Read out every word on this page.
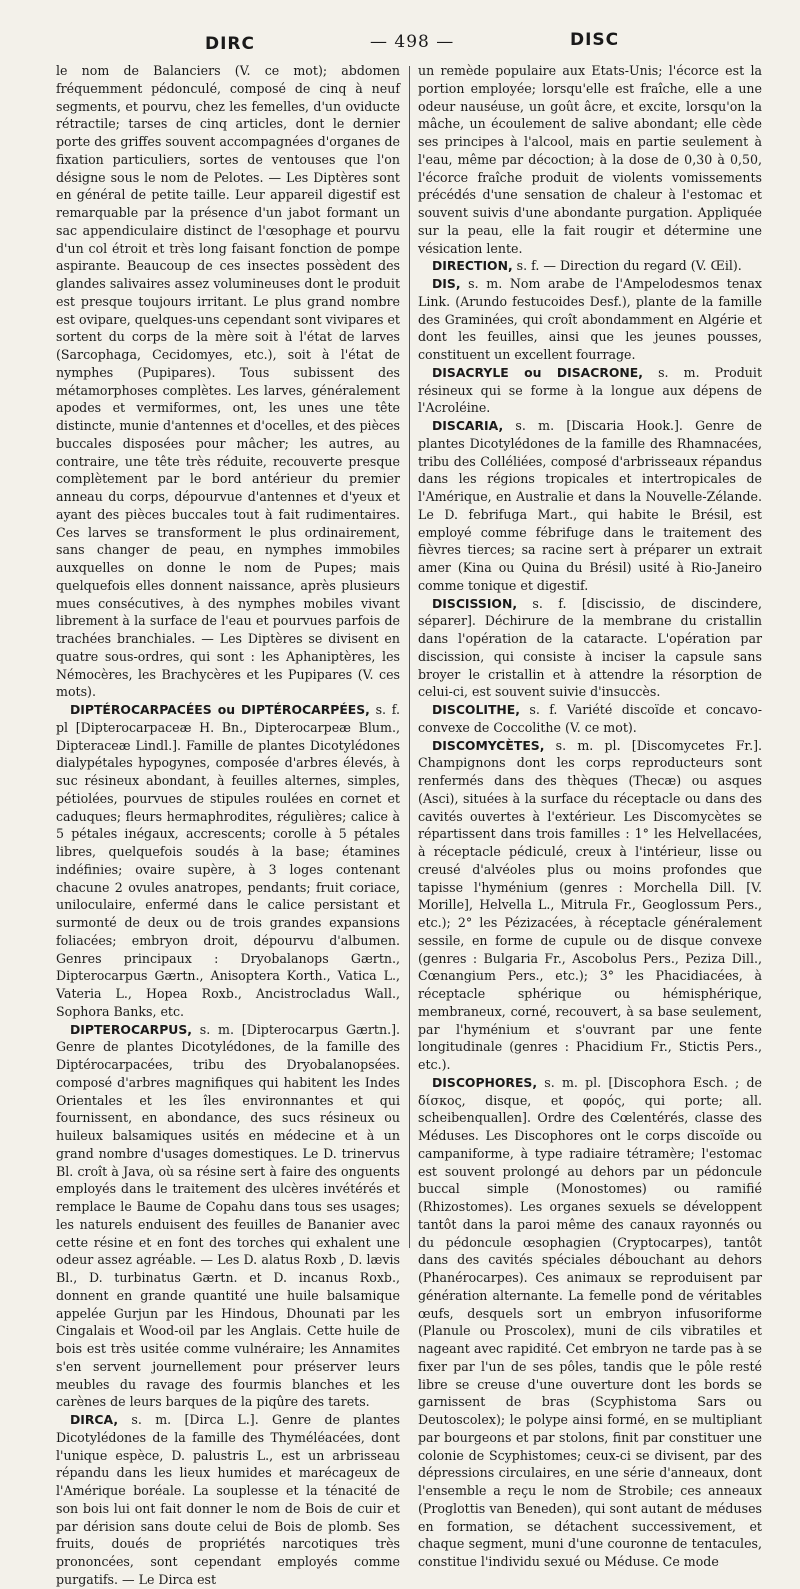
DIRC	— 498 —	DISC

le nom de Balanciers (V. ce mot); abdomen fréquemment pédonculé, composé de cinq à neuf segments, et pourvu, chez les femelles, d'un oviducte rétractile; tarses de cinq articles, dont le dernier porte des griffes souvent accompagnées d'organes de fixation particuliers, sortes de ventouses que l'on désigne sous le nom de Pelotes. — Les Diptères sont en général de petite taille. Leur appareil digestif est remarquable par la présence d'un jabot formant un sac appendiculaire distinct de l'œsophage et pourvu d'un col étroit et très long faisant fonction de pompe aspirante. Beaucoup de ces insectes possèdent des glandes salivaires assez volumineuses dont le produit est presque toujours irritant. Le plus grand nombre est ovipare, quelques-uns cependant sont vivipares et sortent du corps de la mère soit à l'état de larves (Sarcophaga, Cecidomyes, etc.), soit à l'état de nymphes (Pupipares). Tous subissent des métamorphoses complètes. Les larves, généralement apodes et vermiformes, ont, les unes une tête distincte, munie d'antennes et d'ocelles, et des pièces buccales disposées pour mâcher; les autres, au contraire, une tête très réduite, recouverte presque complètement par le bord antérieur du premier anneau du corps, dépourvue d'antennes et d'yeux et ayant des pièces buccales tout à fait rudimentaires. Ces larves se transforment le plus ordinairement, sans changer de peau, en nymphes immobiles auxquelles on donne le nom de Pupes; mais quelquefois elles donnent naissance, après plusieurs mues consécutives, à des nymphes mobiles vivant librement à la surface de l'eau et pourvues parfois de trachées branchiales. — Les Diptères se divisent en quatre sous-ordres, qui sont : les Aphaniptères, les Némocères, les Brachycères et les Pupipares (V. ces mots).

DIPTÉROCARPACÉES ou DIPTÉROCARPÉES, s. f. pl [Dipterocarpaceæ H. Bn., Dipterocarpeæ Blum., Dipteraceæ Lindl.]. Famille de plantes Dicotylédones dialypétales hypogynes, composée d'arbres élevés, à suc résineux abondant, à feuilles alternes, simples, pétiolées, pourvues de stipules roulées en cornet et caduques; fleurs hermaphrodites, régulières; calice à 5 pétales inégaux, accrescents; corolle à 5 pétales libres, quelquefois soudés à la base; étamines indéfinies; ovaire supère, à 3 loges contenant chacune 2 ovules anatropes, pendants; fruit coriace, uniloculaire, enfermé dans le calice persistant et surmonté de deux ou de trois grandes expansions foliacées; embryon droit, dépourvu d'albumen. Genres principaux : Dryobalanops Gærtn., Dipterocarpus Gærtn., Anisoptera Korth., Vatica L., Vateria L., Hopea Roxb., Ancistrocladus Wall., Sophora Banks, etc.

DIPTEROCARPUS, s. m. [Dipterocarpus Gærtn.]. Genre de plantes Dicotylédones, de la famille des Diptérocarpacées, tribu des Dryobalanopsées. composé d'arbres magnifiques qui habitent les Indes Orientales et les îles environnantes et qui fournissent, en abondance, des sucs résineux ou huileux balsamiques usités en médecine et à un grand nombre d'usages domestiques. Le D. trinervus Bl. croît à Java, où sa résine sert à faire des onguents employés dans le traitement des ulcères invétérés et remplace le Baume de Copahu dans tous ses usages; les naturels enduisent des feuilles de Bananier avec cette résine et en font des torches qui exhalent une odeur assez agréable. — Les D. alatus Roxb , D. lævis Bl., D. turbinatus Gærtn. et D. incanus Roxb., donnent en grande quantité une huile balsamique appelée Gurjun par les Hindous, Dhounati par les Cingalais et Wood-oil par les Anglais. Cette huile de bois est très usitée comme vulnéraire; les Annamites s'en servent journellement pour préserver leurs meubles du ravage des fourmis blanches et les carènes de leurs barques de la piqûre des tarets.

DIRCA, s. m. [Dirca L.]. Genre de plantes Dicotylédones de la famille des Thyméléacées, dont l'unique espèce, D. palustris L., est un arbrisseau répandu dans les lieux humides et marécageux de l'Amérique boréale. La souplesse et la ténacité de son bois lui ont fait donner le nom de Bois de cuir et par dérision sans doute celui de Bois de plomb. Ses fruits, doués de propriétés narcotiques très prononcées, sont cependant employés comme purgatifs. — Le Dirca est

un remède populaire aux Etats-Unis; l'écorce est la portion employée; lorsqu'elle est fraîche, elle a une odeur nauséuse, un goût âcre, et excite, lorsqu'on la mâche, un écoulement de salive abondant; elle cède ses principes à l'alcool, mais en partie seulement à l'eau, même par décoction; à la dose de 0,30 à 0,50, l'écorce fraîche produit de violents vomissements précédés d'une sensation de chaleur à l'estomac et souvent suivis d'une abondante purgation. Appliquée sur la peau, elle la fait rougir et détermine une vésication lente.

DIRECTION, s. f. — Direction du regard (V. Œil).

DIS, s. m. Nom arabe de l'Ampelodesmos tenax Link. (Arundo festucoides Desf.), plante de la famille des Graminées, qui croît abondamment en Algérie et dont les feuilles, ainsi que les jeunes pousses, constituent un excellent fourrage.

DISACRYLE ou DISACRONE, s. m. Produit résineux qui se forme à la longue aux dépens de l'Acroléine.

DISCARIA, s. m. [Discaria Hook.]. Genre de plantes Dicotylédones de la famille des Rhamnacées, tribu des Colléliées, composé d'arbrisseaux répandus dans les régions tropicales et intertropicales de l'Amérique, en Australie et dans la Nouvelle-Zélande. Le D. febrifuga Mart., qui habite le Brésil, est employé comme fébrifuge dans le traitement des fièvres tierces; sa racine sert à préparer un extrait amer (Kina ou Quina du Brésil) usité à Rio-Janeiro comme tonique et digestif.

DISCISSION, s. f. [discissio, de discindere, séparer]. Déchirure de la membrane du cristallin dans l'opération de la cataracte. L'opération par discission, qui consiste à inciser la capsule sans broyer le cristallin et à attendre la résorption de celui-ci, est souvent suivie d'insuccès.

DISCOLITHE, s. f. Variété discoïde et concavo-convexe de Coccolithe (V. ce mot).

DISCOMYCÈTES, s. m. pl. [Discomycetes Fr.]. Champignons dont les corps reproducteurs sont renfermés dans des thèques (Thecæ) ou asques (Asci), situées à la surface du réceptacle ou dans des cavités ouvertes à l'extérieur. Les Discomycètes se répartissent dans trois familles : 1° les Helvellacées, à réceptacle pédiculé, creux à l'intérieur, lisse ou creusé d'alvéoles plus ou moins profondes que tapisse l'hyménium (genres : Morchella Dill. [V. Morille], Helvella L., Mitrula Fr., Geoglossum Pers., etc.); 2° les Pézizacées, à réceptacle généralement sessile, en forme de cupule ou de disque convexe (genres : Bulgaria Fr., Ascobolus Pers., Peziza Dill., Cœnangium Pers., etc.); 3° les Phacidiacées, à réceptacle sphérique ou hémisphérique, membraneux, corné, recouvert, à sa base seulement, par l'hyménium et s'ouvrant par une fente longitudinale (genres : Phacidium Fr., Stictis Pers., etc.).

DISCOPHORES, s. m. pl. [Discophora Esch. ; de δίσκος, disque, et φορός, qui porte; all. scheibenquallen]. Ordre des Cœlentérés, classe des Méduses. Les Discophores ont le corps discoïde ou campaniforme, à type radiaire tétramère; l'estomac est souvent prolongé au dehors par un pédoncule buccal simple (Monostomes) ou ramifié (Rhizostomes). Les organes sexuels se développent tantôt dans la paroi même des canaux rayonnés ou du pédoncule œsophagien (Cryptocarpes), tantôt dans des cavités spéciales débouchant au dehors (Phanérocarpes). Ces animaux se reproduisent par génération alternante. La femelle pond de véritables œufs, desquels sort un embryon infusoriforme (Planule ou Proscolex), muni de cils vibratiles et nageant avec rapidité. Cet embryon ne tarde pas à se fixer par l'un de ses pôles, tandis que le pôle resté libre se creuse d'une ouverture dont les bords se garnissent de bras (Scyphistoma Sars ou Deutoscolex); le polype ainsi formé, en se multipliant par bourgeons et par stolons, finit par constituer une colonie de Scyphistomes; ceux-ci se divisent, par des dépressions circulaires, en une série d'anneaux, dont l'ensemble a reçu le nom de Strobile; ces anneaux (Proglottis van Beneden), qui sont autant de méduses en formation, se détachent successivement, et chaque segment, muni d'une couronne de tentacules, constitue l'individu sexué ou Méduse. Ce mode
